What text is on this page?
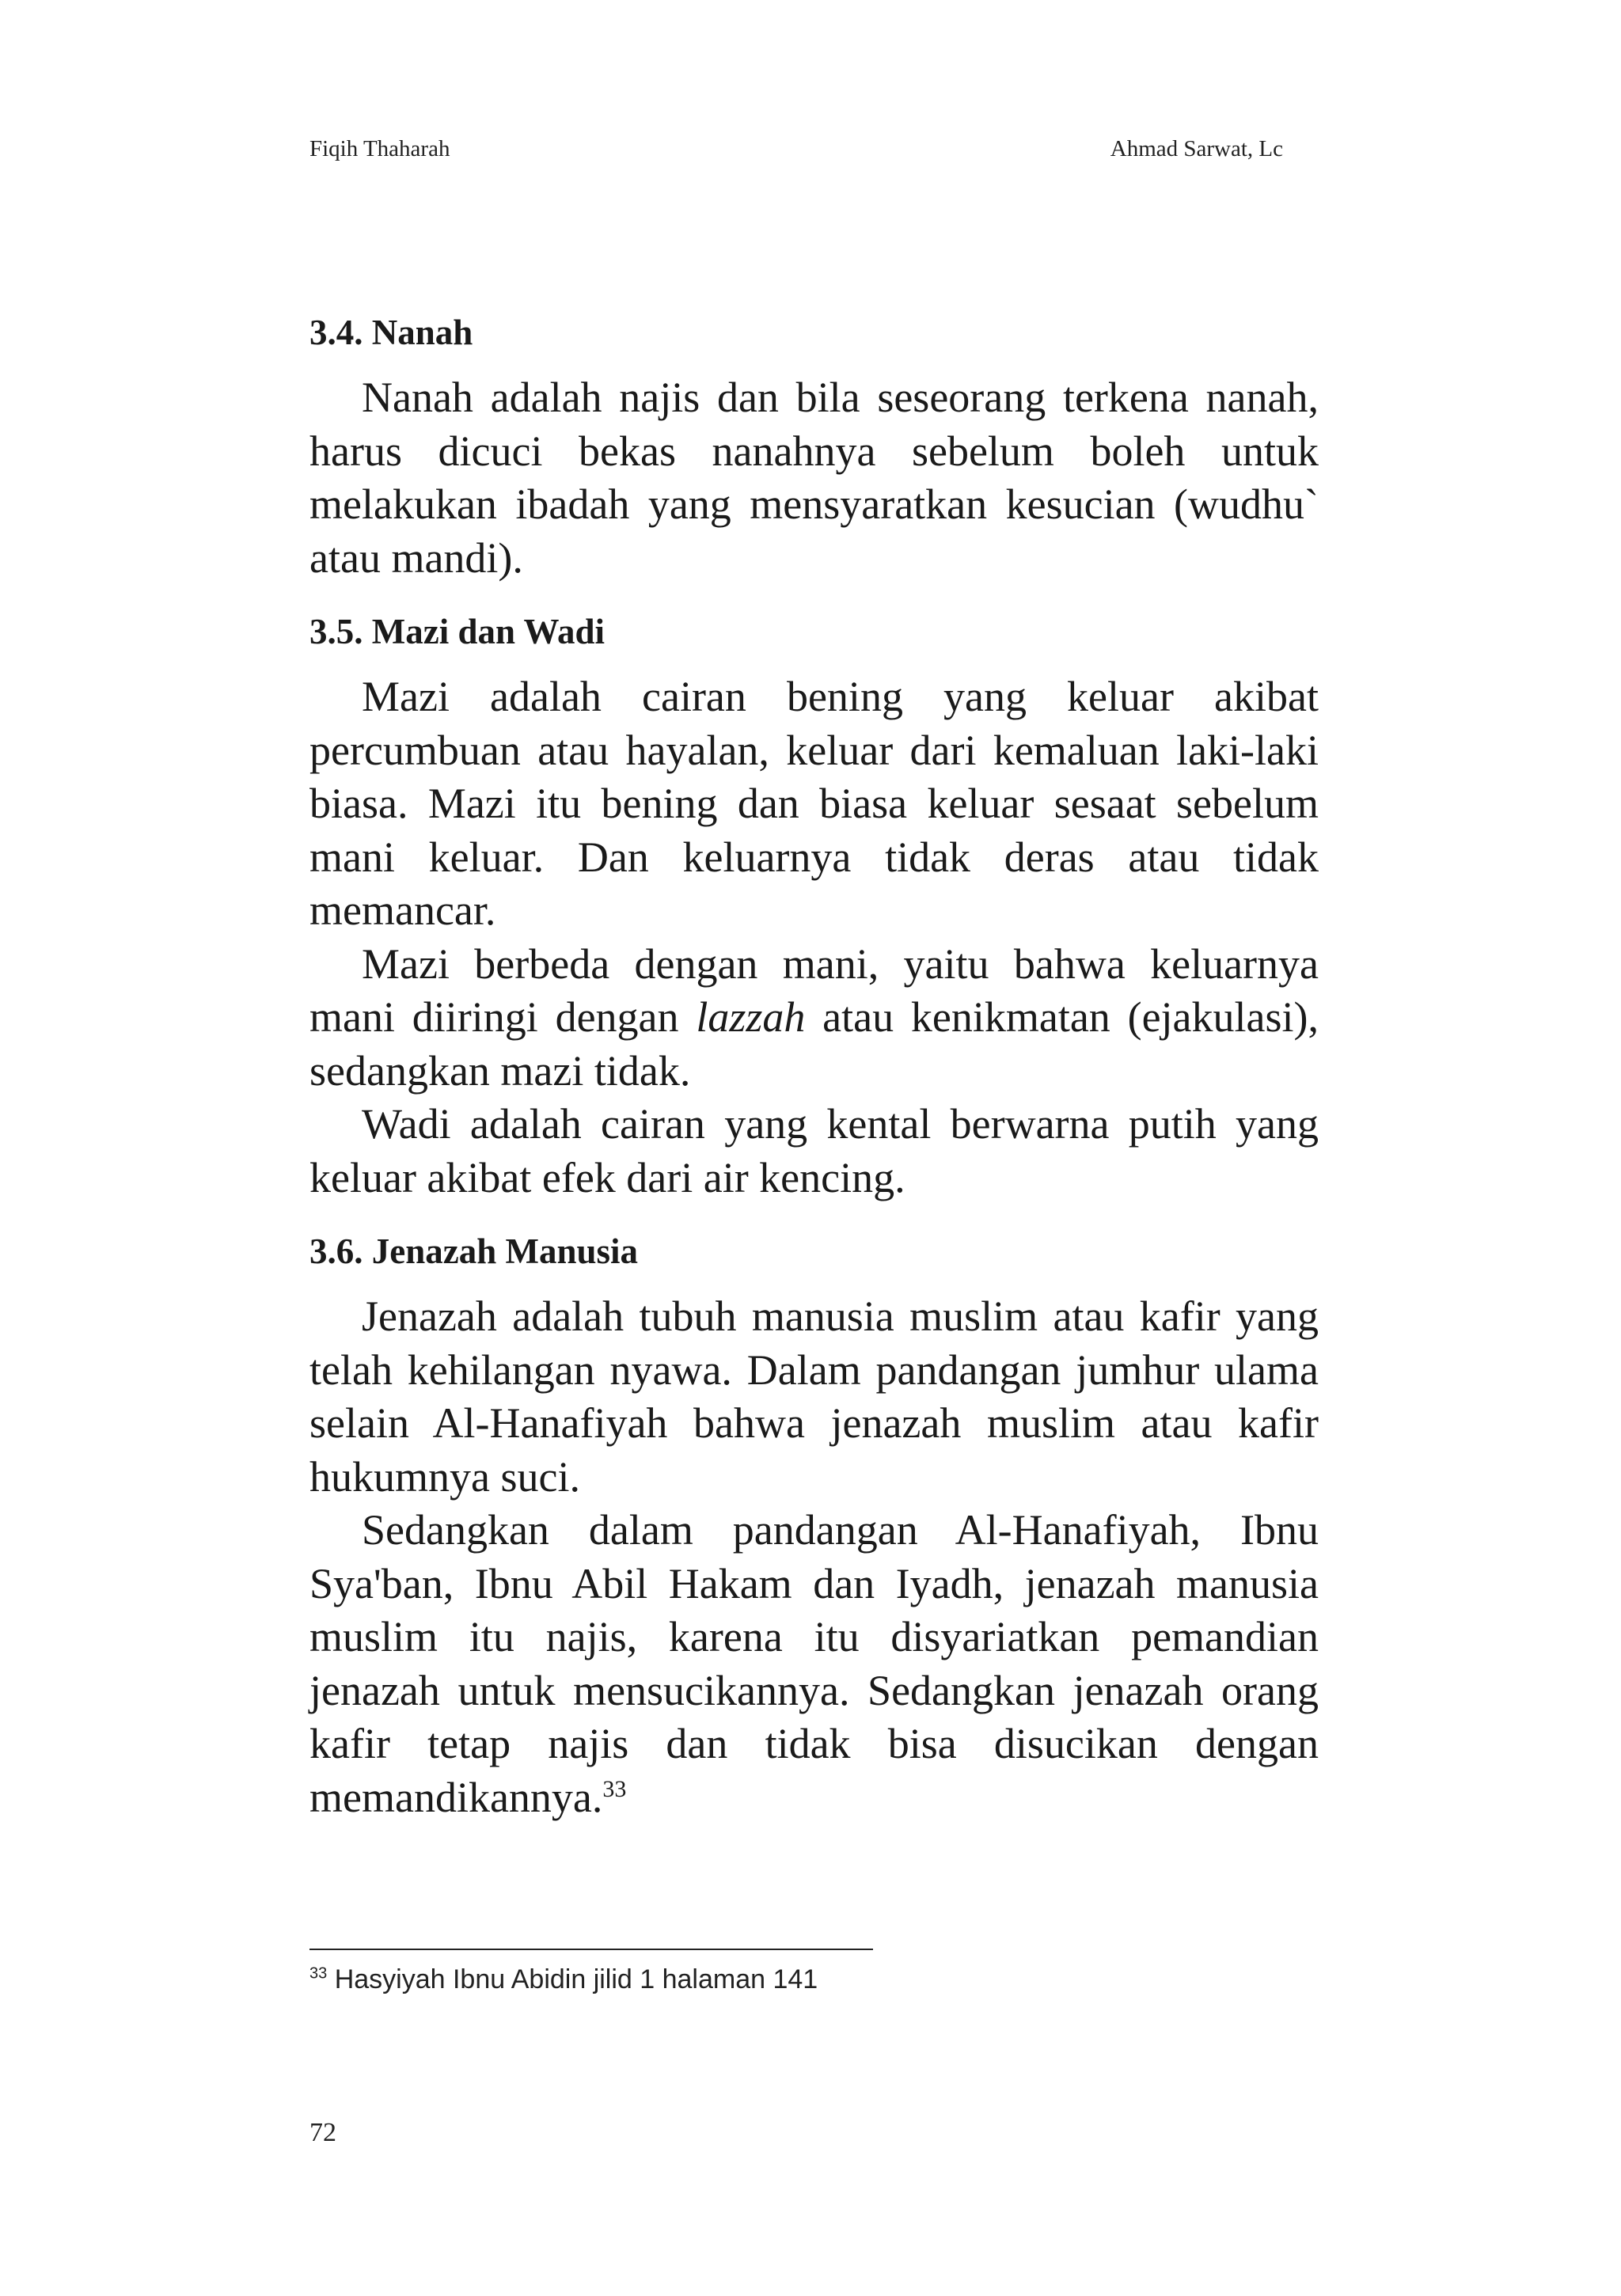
Fiqih Thaharah	Ahmad Sarwat, Lc
3.4. Nanah

Nanah adalah najis dan bila seseorang terkena nanah, harus dicuci bekas nanahnya sebelum boleh untuk melakukan ibadah yang mensyaratkan kesucian (wudhu` atau mandi).

3.5. Mazi dan Wadi

Mazi adalah cairan bening yang keluar akibat percumbuan atau hayalan, keluar dari kemaluan laki-laki biasa. Mazi itu bening dan biasa keluar sesaat sebelum mani keluar. Dan keluarnya tidak deras atau tidak memancar.

Mazi berbeda dengan mani, yaitu bahwa keluarnya mani diiringi dengan lazzah atau kenikmatan (ejakulasi), sedangkan mazi tidak.

Wadi adalah cairan yang kental berwarna putih yang keluar akibat efek dari air kencing.

3.6. Jenazah Manusia

Jenazah adalah tubuh manusia muslim atau kafir yang telah kehilangan nyawa. Dalam pandangan jumhur ulama selain Al-Hanafiyah bahwa jenazah muslim atau kafir hukumnya suci.

Sedangkan dalam pandangan Al-Hanafiyah, Ibnu Sya'ban, Ibnu Abil Hakam dan Iyadh, jenazah manusia muslim itu najis, karena itu disyariatkan pemandian jenazah untuk mensucikannya. Sedangkan jenazah orang kafir tetap najis dan tidak bisa disucikan dengan memandikannya.$^{33}$

$^{33}$ Hasyiyah Ibnu Abidin jilid 1 halaman 141
72
